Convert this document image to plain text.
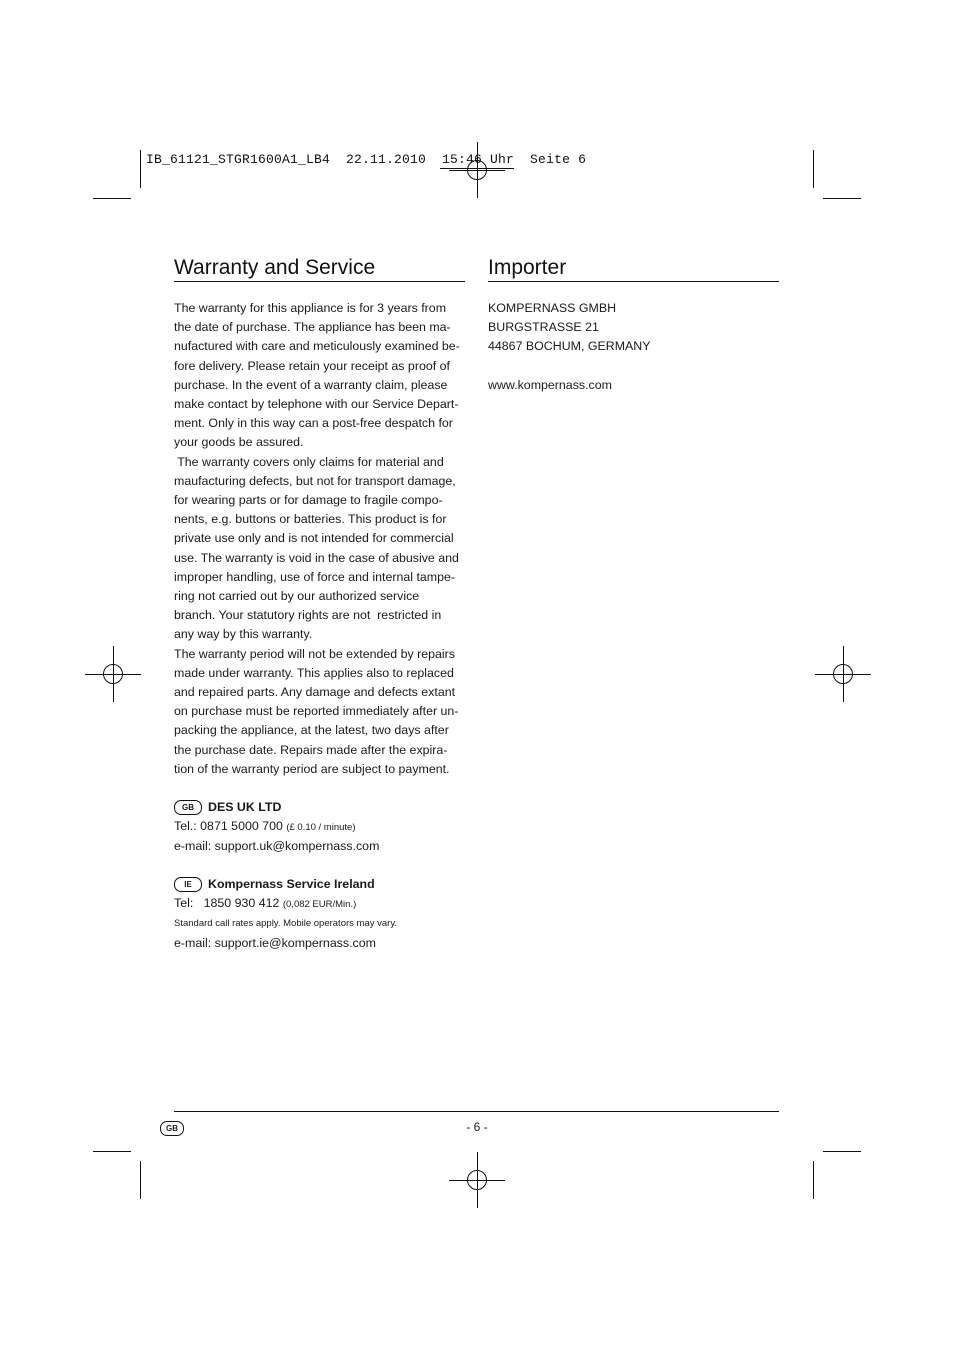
IB_61121_STGR1600A1_LB4  22.11.2010  15:46 Uhr  Seite 6
Warranty and Service

The warranty for this appliance is for 3 years from

the date of purchase. The appliance has been ma-

nufactured with care and meticulously examined be-

fore delivery. Please retain your receipt as proof of

purchase. In the event of a warranty claim, please

make contact by telephone with our Service Depart-

ment. Only in this way can a post-free despatch for

your goods be assured.

The warranty covers only claims for material and

maufacturing defects, but not for transport damage,

for wearing parts or for damage to fragile compo-

nents, e.g. buttons or batteries. This product is for

private use only and is not intended for commercial

use. The warranty is void in the case of abusive and

improper handling, use of force and internal tampe-

ring not carried out by our authorized service

branch. Your statutory rights are not  restricted in

any way by this warranty.

The warranty period will not be extended by repairs

made under warranty. This applies also to replaced

and repaired parts. Any damage and defects extant

on purchase must be reported immediately after un-

packing the appliance, at the latest, two days after

the purchase date. Repairs made after the expira-

tion of the warranty period are subject to payment.

GB DES UK LTD
Tel.: 0871 5000 700 (£ 0.10 / minute)
e-mail: support.uk@kompernass.com
IE Kompernass Service Ireland
Tel:   1850 930 412 (0,082 EUR/Min.)
Standard call rates apply. Mobile operators may vary.
e-mail: support.ie@kompernass.com
Importer

KOMPERNASS GMBH

BURGSTRASSE 21

44867 BOCHUM, GERMANY

www.kompernass.com

GB	- 6 -
